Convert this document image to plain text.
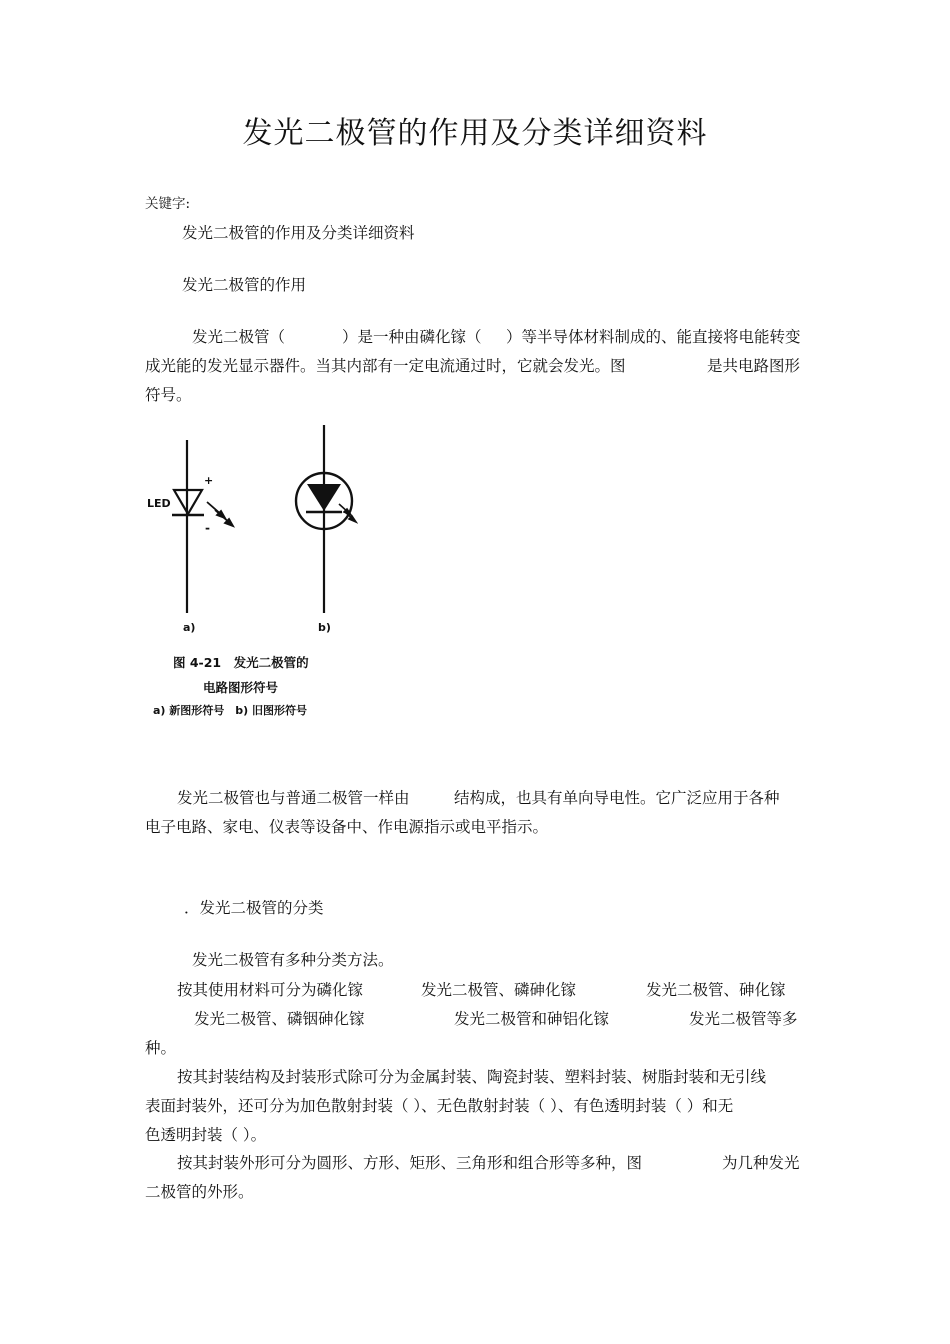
发光二极管的作用及分类详细资料
关键字:
发光二极管的作用及分类详细资料
发光二极管的作用
发光二极管（	）是一种由磷化镓（ ）等半导体材料制成的、能直接将电能转变
成光能的发光显示器件。当其内部有一定电流通过时，它就会发光。图	是共电路图形
符号。
LED
+
-
a)	b)
图 4-21　发光二极管的
电路图形符号
a) 新图形符号　b) 旧图形符号
发光二极管也与普通二极管一样由	结构成，也具有单向导电性。它广泛应用于各种
电子电路、家电、仪表等设备中、作电源指示或电平指示。
．发光二极管的分类
发光二极管有多种分类方法。
按其使用材料可分为磷化镓	发光二极管、磷砷化镓	发光二极管、砷化镓
发光二极管、磷铟砷化镓	发光二极管和砷铝化镓	发光二极管等多
种。
按其封装结构及封装形式除可分为金属封装、陶瓷封装、塑料封装、树脂封装和无引线
表面封装外，还可分为加色散射封装（ ）、无色散射封装（ ）、有色透明封装（ ）和无
色透明封装（ ）。
按其封装外形可分为圆形、方形、矩形、三角形和组合形等多种，图	为几种发光
二极管的外形。
